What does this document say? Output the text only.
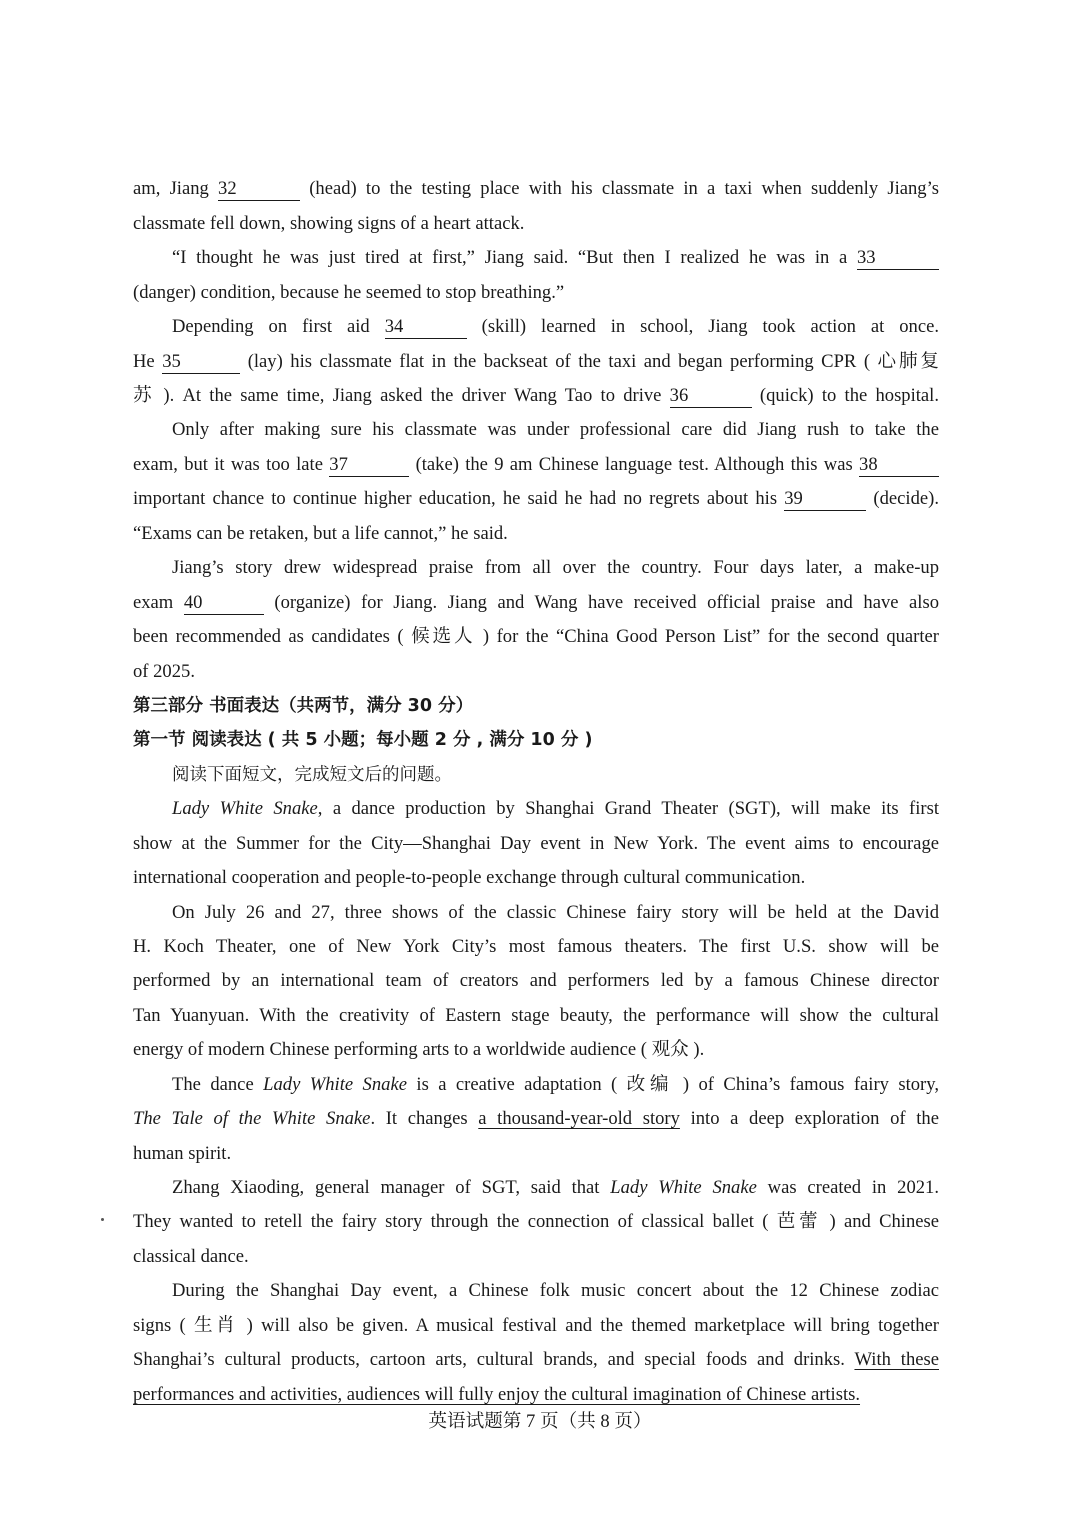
am, Jiang 32	(head) to the testing place with his classmate in a taxi when suddenly Jiang’s
classmate fell down, showing signs of a heart attack.
“I thought he was just tired at first,” Jiang said. “But then I realized he was in a 33
(danger) condition, because he seemed to stop breathing.”
Depending on first aid 34	(skill) learned in school, Jiang took action at once.
He 35	(lay) his classmate flat in the backseat of the taxi and began performing CPR ( 心肺复
苏 ). At the same time, Jiang asked the driver Wang Tao to drive 36	(quick) to the hospital.
Only after making sure his classmate was under professional care did Jiang rush to take the
exam, but it was too late 37	(take) the 9 am Chinese language test. Although this was 38
important chance to continue higher education, he said he had no regrets about his 39	(decide).
“Exams can be retaken, but a life cannot,” he said.
Jiang’s story drew widespread praise from all over the country. Four days later, a make-up
exam 40	(organize) for Jiang. Jiang and Wang have received official praise and have also
been recommended as candidates ( 候选人 ) for the “China Good Person List” for the second quarter
of 2025.
第三部分 书面表达（共两节，满分 30 分）
第一节 阅读表达 ( 共 5 小题；每小题 2 分 , 满分 10 分 )
阅读下面短文，完成短文后的问题。
Lady White Snake, a dance production by Shanghai Grand Theater (SGT), will make its first
show at the Summer for the City—Shanghai Day event in New York. The event aims to encourage
international cooperation and people-to-people exchange through cultural communication.
On July 26 and 27, three shows of the classic Chinese fairy story will be held at the David
H. Koch Theater, one of New York City’s most famous theaters. The first U.S. show will be
performed by an international team of creators and performers led by a famous Chinese director
Tan Yuanyuan. With the creativity of Eastern stage beauty, the performance will show the cultural
energy of modern Chinese performing arts to a worldwide audience ( 观众 ).
The dance Lady White Snake is a creative adaptation ( 改编 ) of China’s famous fairy story,
The Tale of the White Snake. It changes a thousand-year-old story into a deep exploration of the
human spirit.
Zhang Xiaoding, general manager of SGT, said that Lady White Snake was created in 2021.
They wanted to retell the fairy story through the connection of classical ballet ( 芭蕾 ) and Chinese
classical dance.
During the Shanghai Day event, a Chinese folk music concert about the 12 Chinese zodiac
signs ( 生肖 ) will also be given. A musical festival and the themed marketplace will bring together
Shanghai’s cultural products, cartoon arts, cultural brands, and special foods and drinks. With these
performances and activities, audiences will fully enjoy the cultural imagination of Chinese artists.
英语试题第 7 页（共 8 页）
